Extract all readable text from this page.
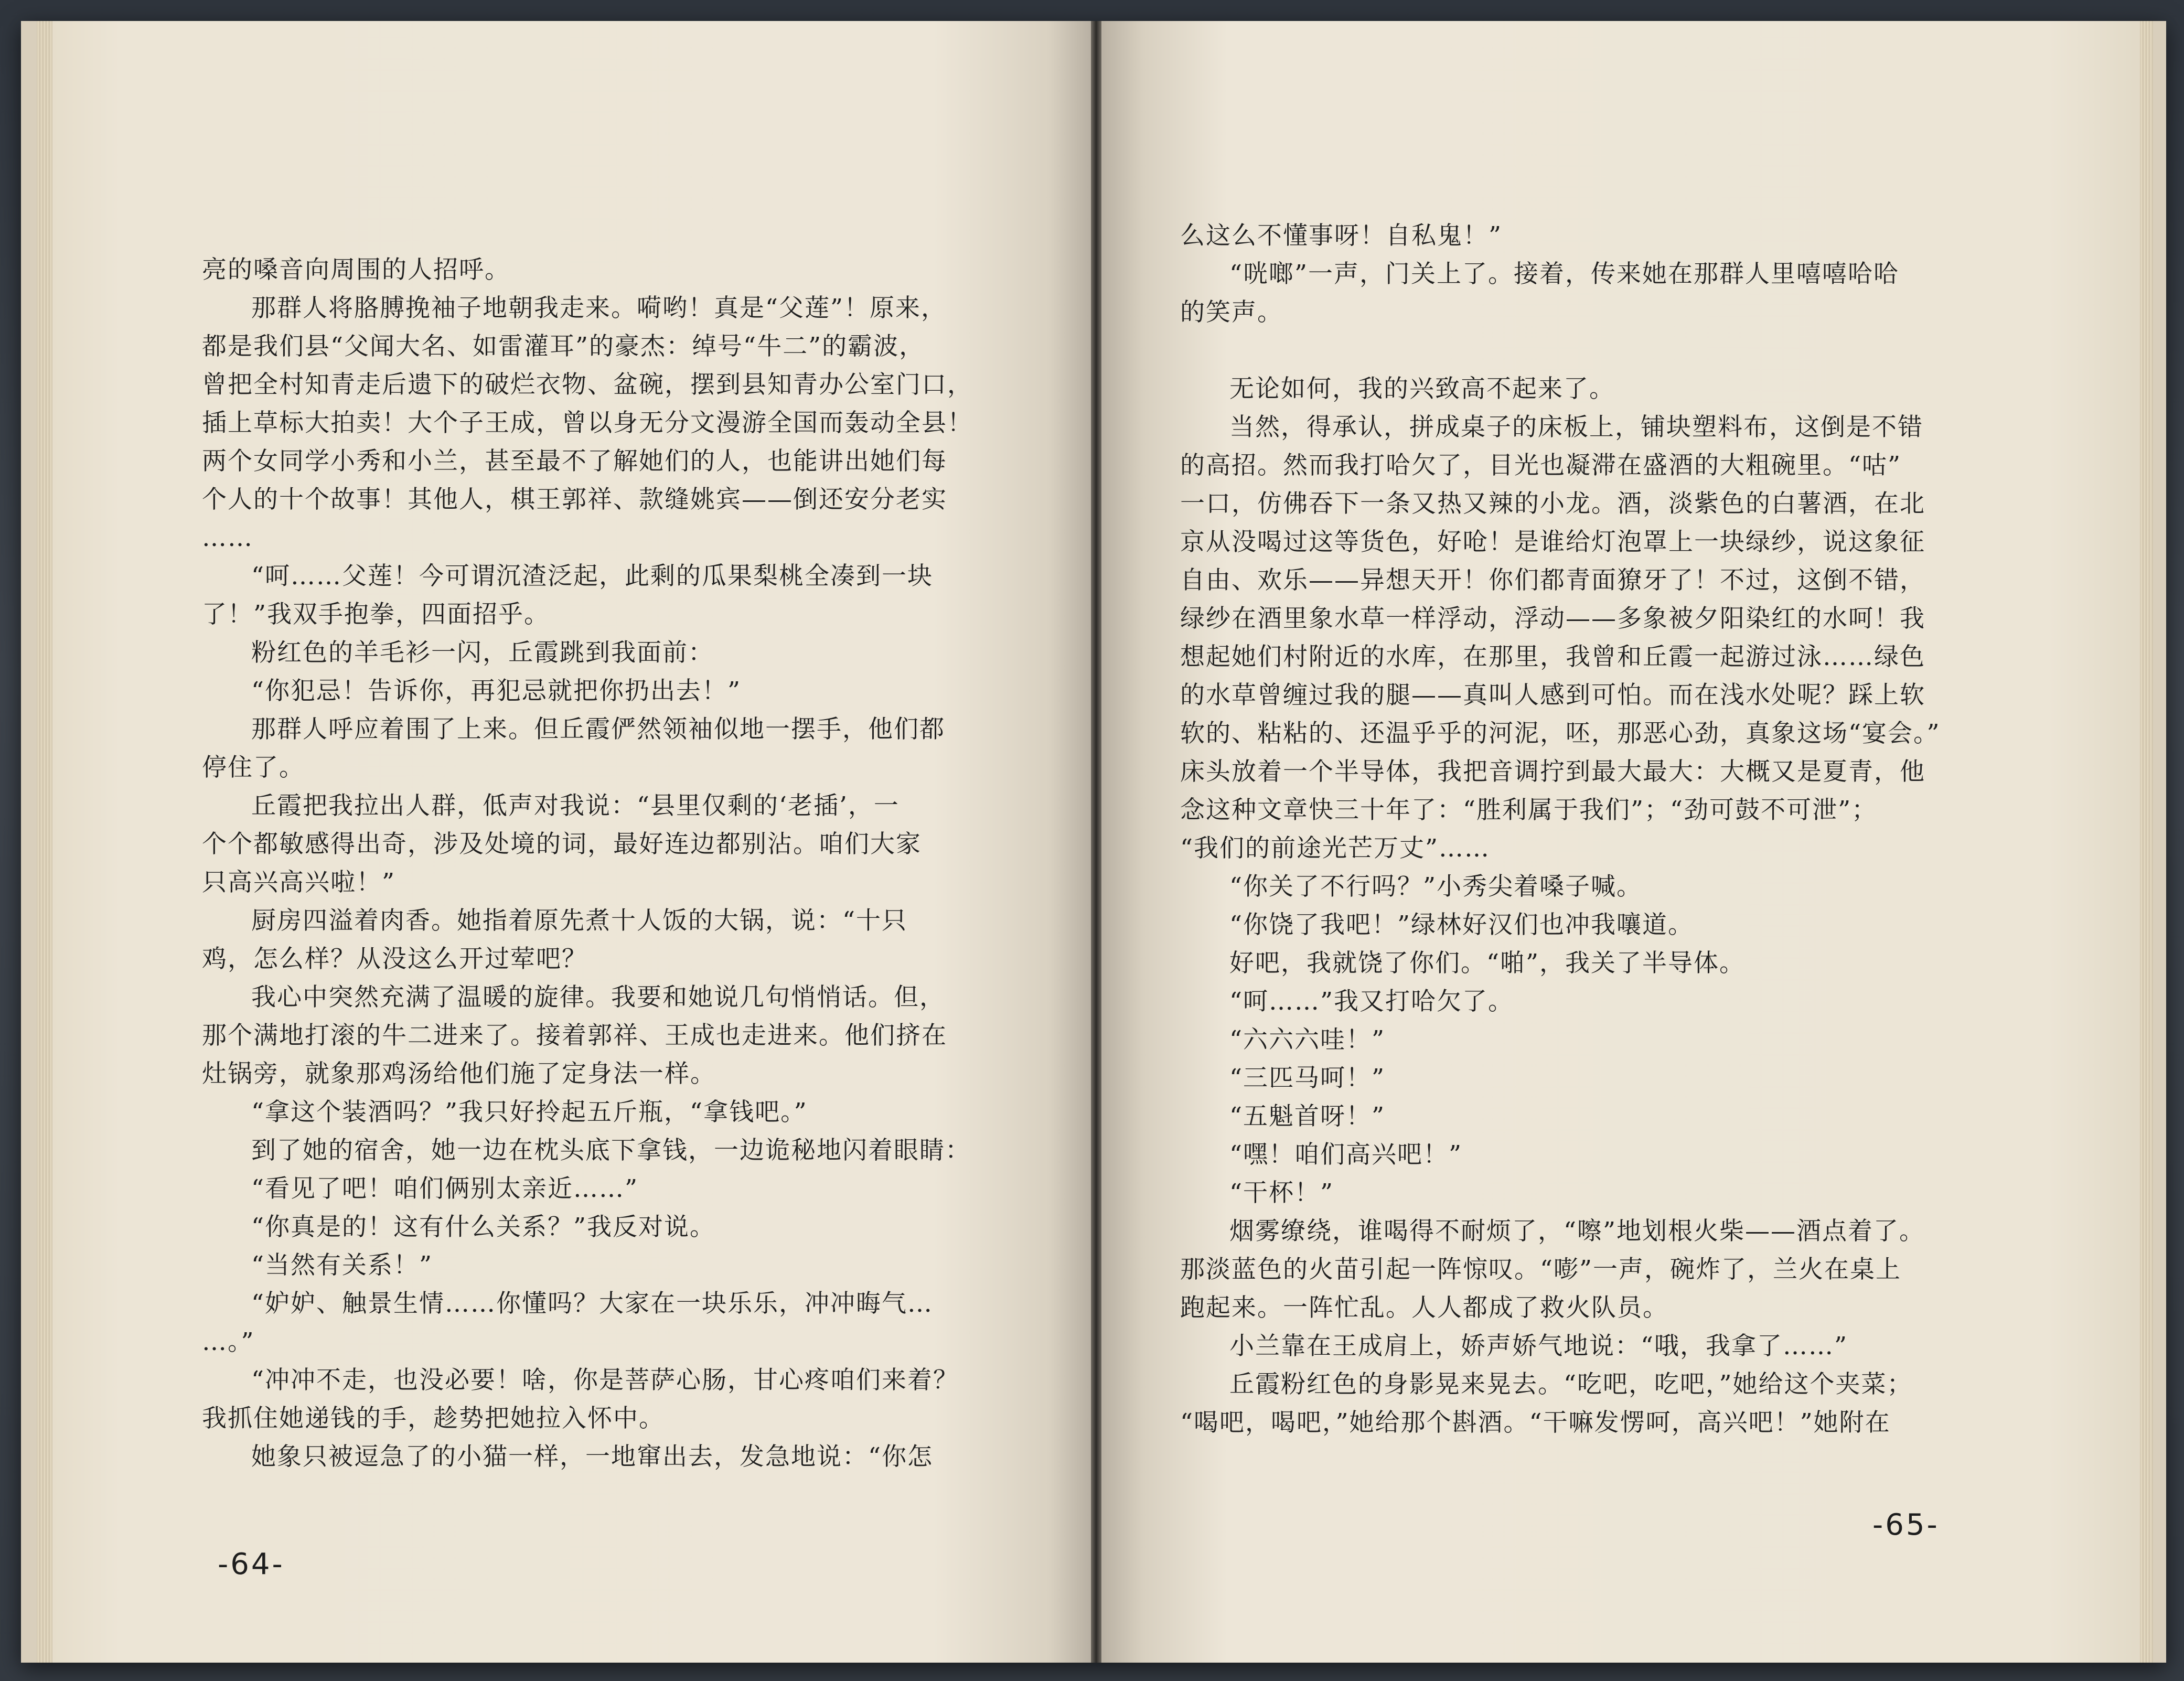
亮的嗓音向周围的人招呼。

那群人将胳膊挽袖子地朝我走来。嗬哟！真是“父莲”！原来，

都是我们县“父闻大名、如雷灌耳”的豪杰：绰号“牛二”的霸波，

曾把全村知青走后遗下的破烂衣物、盆碗，摆到县知青办公室门口，

插上草标大拍卖！大个子王成，曾以身无分文漫游全国而轰动全县！

两个女同学小秀和小兰，甚至最不了解她们的人，也能讲出她们每

个人的十个故事！其他人，棋王郭祥、款缝姚宾——倒还安分老实

……

“呵……父莲！今可谓沉渣泛起，此剩的瓜果梨桃全凑到一块

了！”我双手抱拳，四面招乎。

粉红色的羊毛衫一闪，丘霞跳到我面前：

“你犯忌！告诉你，再犯忌就把你扔出去！”

那群人呼应着围了上来。但丘霞俨然领袖似地一摆手，他们都

停住了。

丘霞把我拉出人群，低声对我说：“县里仅剩的‘老插’，一

个个都敏感得出奇，涉及处境的词，最好连边都别沾。咱们大家

只高兴高兴啦！”

厨房四溢着肉香。她指着原先煮十人饭的大锅，说：“十只

鸡，怎么样？从没这么开过荤吧？

我心中突然充满了温暖的旋律。我要和她说几句悄悄话。但，

那个满地打滚的牛二进来了。接着郭祥、王成也走进来。他们挤在

灶锅旁，就象那鸡汤给他们施了定身法一样。

“拿这个装酒吗？”我只好拎起五斤瓶，“拿钱吧。”

到了她的宿舍，她一边在枕头底下拿钱，一边诡秘地闪着眼睛：

“看见了吧！咱们俩别太亲近……”

“你真是的！这有什么关系？”我反对说。

“当然有关系！”

“妒妒、触景生情……你懂吗？大家在一块乐乐，冲冲晦气…

…。”

“冲冲不走，也没必要！啥，你是菩萨心肠，甘心疼咱们来着？

我抓住她递钱的手，趁势把她拉入怀中。

她象只被逗急了的小猫一样，一地窜出去，发急地说：“你怎

-64-

么这么不懂事呀！自私鬼！”

“咣啷”一声，门关上了。接着，传来她在那群人里嘻嘻哈哈

的笑声。

无论如何，我的兴致高不起来了。

当然，得承认，拼成桌子的床板上，铺块塑料布，这倒是不错

的高招。然而我打哈欠了，目光也凝滞在盛酒的大粗碗里。“咕”

一口，仿佛吞下一条又热又辣的小龙。酒，淡紫色的白薯酒，在北

京从没喝过这等货色，好呛！是谁给灯泡罩上一块绿纱，说这象征

自由、欢乐——异想天开！你们都青面獠牙了！不过，这倒不错，

绿纱在酒里象水草一样浮动，浮动——多象被夕阳染红的水呵！我

想起她们村附近的水库，在那里，我曾和丘霞一起游过泳……绿色

的水草曾缠过我的腿——真叫人感到可怕。而在浅水处呢？踩上软

软的、粘粘的、还温乎乎的河泥，呸，那恶心劲，真象这场“宴会。”

床头放着一个半导体，我把音调拧到最大最大：大概又是夏青，他

念这种文章快三十年了：“胜利属于我们”；“劲可鼓不可泄”；

“我们的前途光芒万丈”……

“你关了不行吗？”小秀尖着嗓子喊。

“你饶了我吧！”绿林好汉们也冲我嚷道。

好吧，我就饶了你们。“啪”，我关了半导体。

“呵……”我又打哈欠了。

“六六六哇！”

“三匹马呵！”

“五魁首呀！”

“嘿！咱们高兴吧！”

“干杯！”

烟雾缭绕，谁喝得不耐烦了，“嚓”地划根火柴——酒点着了。

那淡蓝色的火苗引起一阵惊叹。“嘭”一声，碗炸了，兰火在桌上

跑起来。一阵忙乱。人人都成了救火队员。

小兰靠在王成肩上，娇声娇气地说：“哦，我拿了……”

丘霞粉红色的身影晃来晃去。“吃吧，吃吧，”她给这个夹菜；

“喝吧，喝吧，”她给那个斟酒。“干嘛发愣呵，高兴吧！”她附在

-65-
